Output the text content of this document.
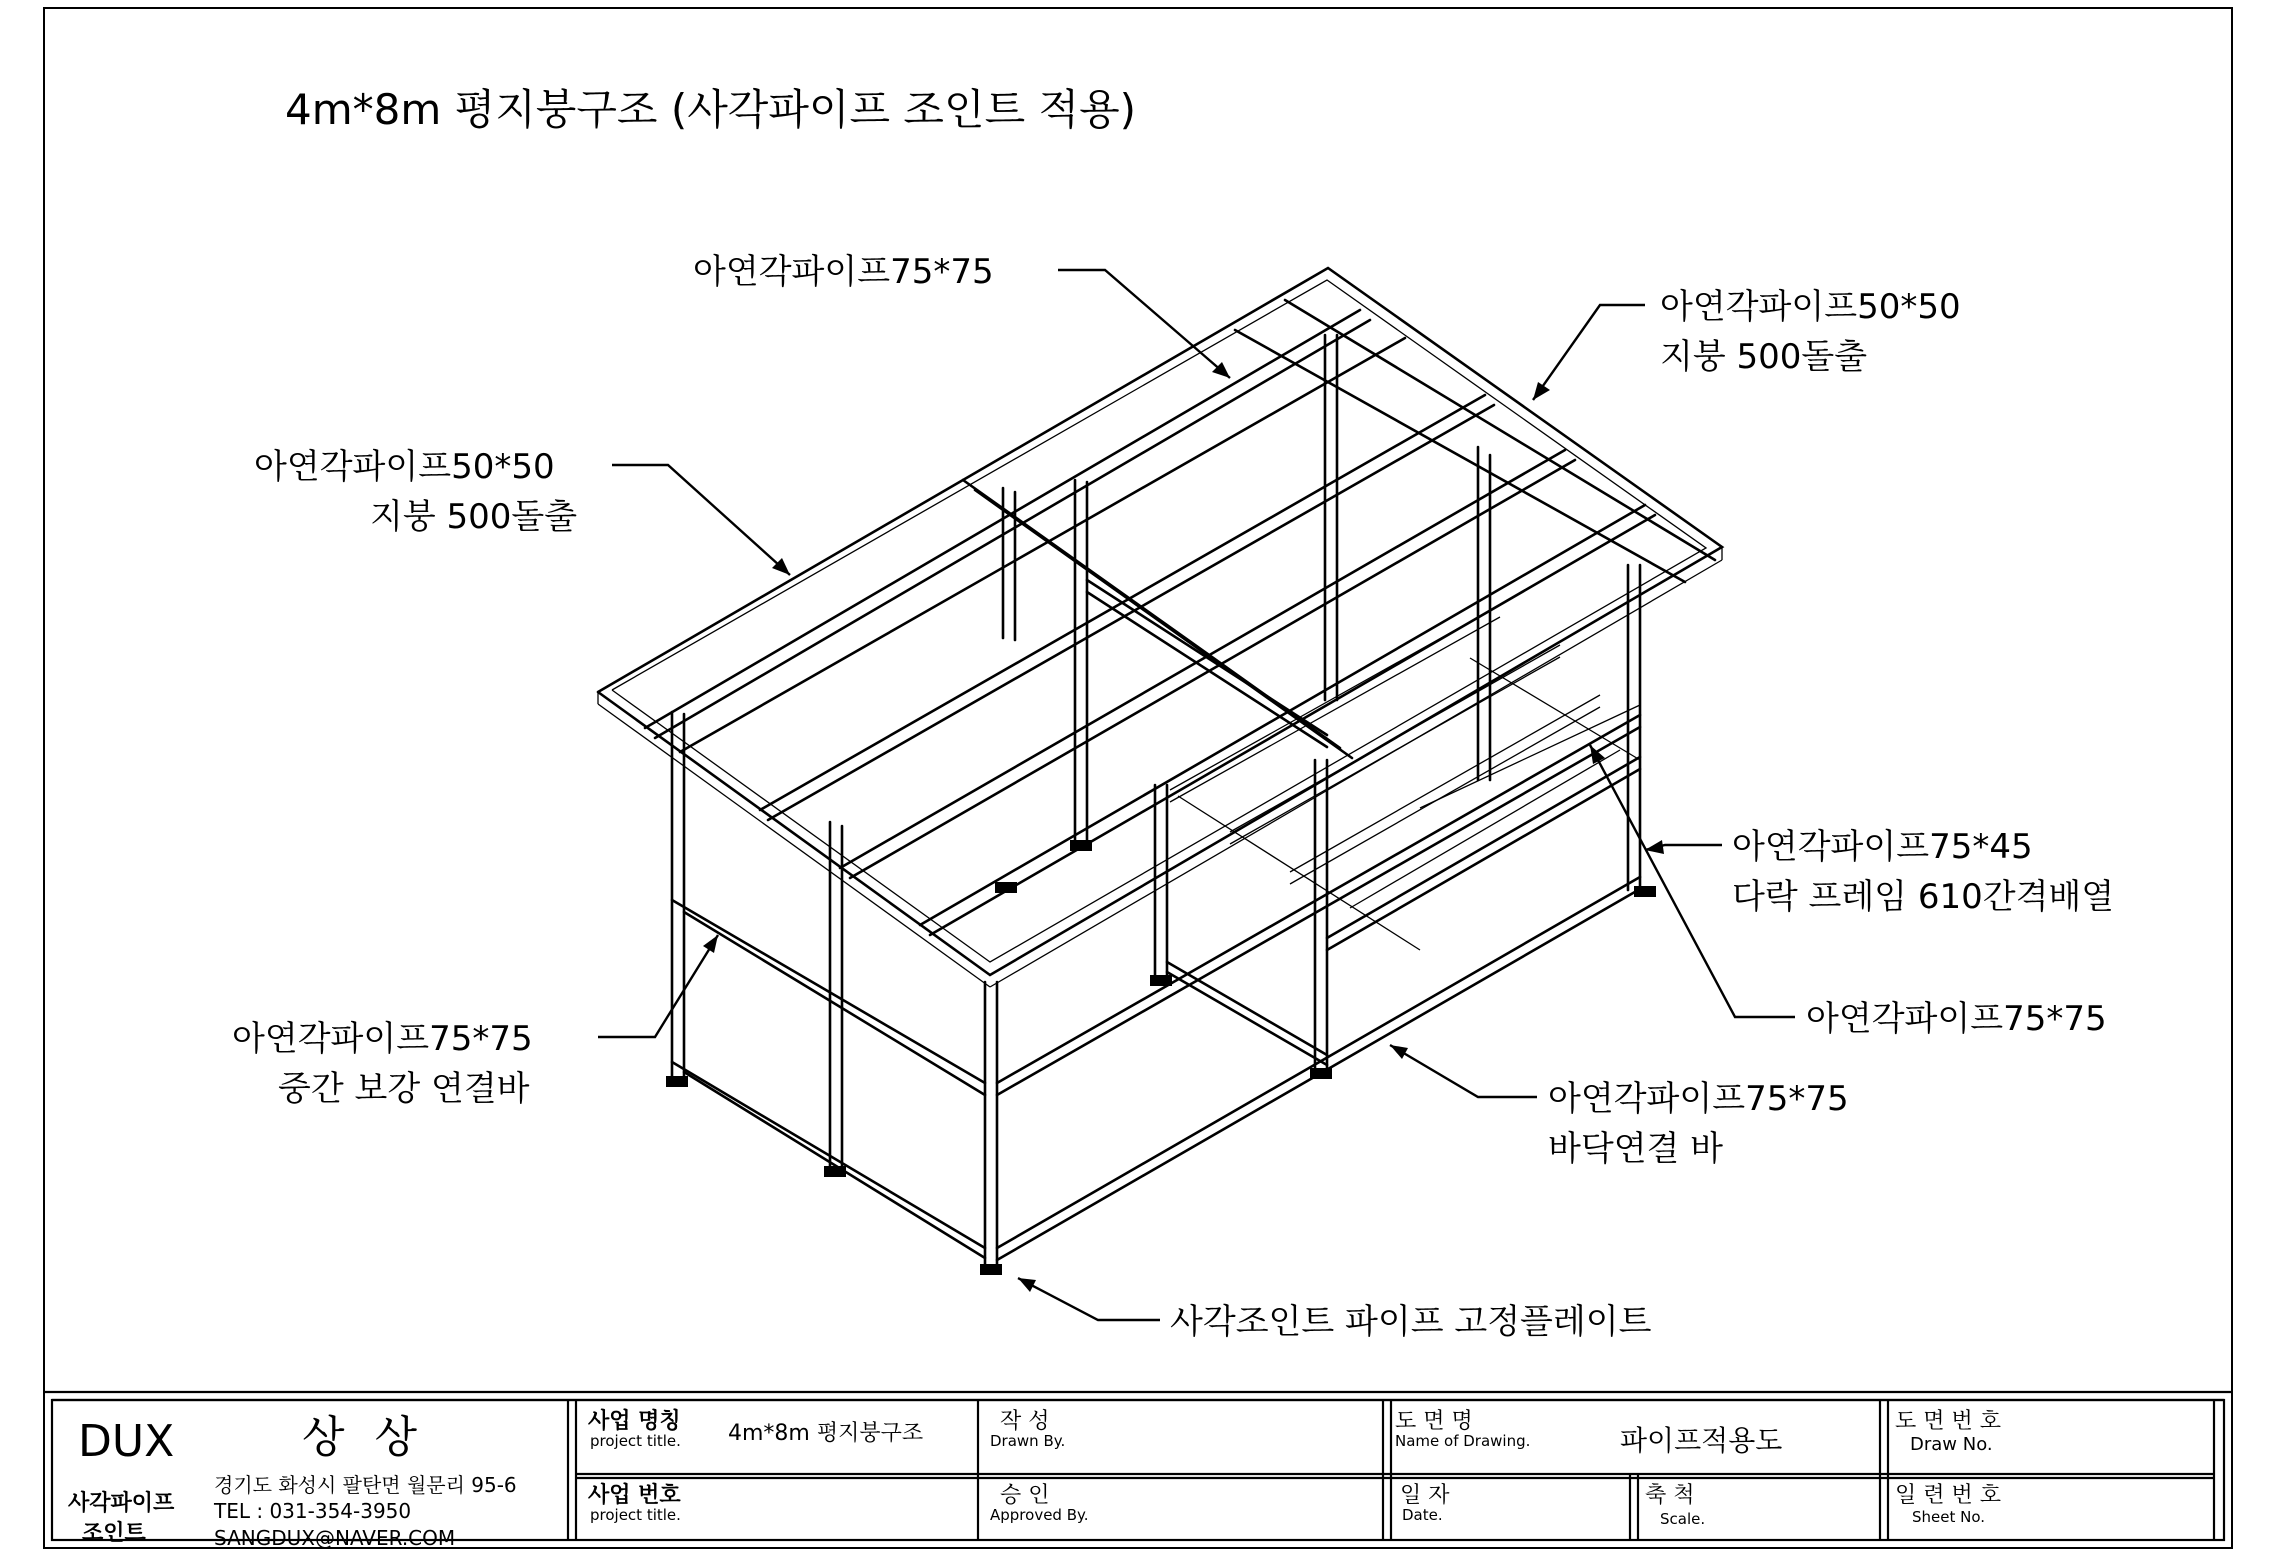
4m*8m 평지붕구조 (사각파이프 조인트 적용)
아연각파이프75*75
아연각파이프50*50
지붕 500돌출
아연각파이프50*50
지붕 500돌출
아연각파이프75*45
다락 프레임 610간격배열
아연각파이프75*75
아연각파이프75*75
중간 보강 연결바	아연각파이프75*75
바닥연결 바
사각조인트 파이프 고정플레이트
DUX	상 상
사각파이프
조인트
경기도 화성시 팔탄면 월문리 95-6
TEL : 031-354-3950
SANGDUX@NAVER.COM
사업 명칭
project title. 4m*8m 평지붕구조
사업 번호
project title.
작 성
Drawn By.
승 인
Approved By.
도 면 명
Name of Drawing.	파이프적용도
일 자
Date.
축 척
Scale.
도 면 번 호
Draw No.
일 련 번 호
Sheet No.
